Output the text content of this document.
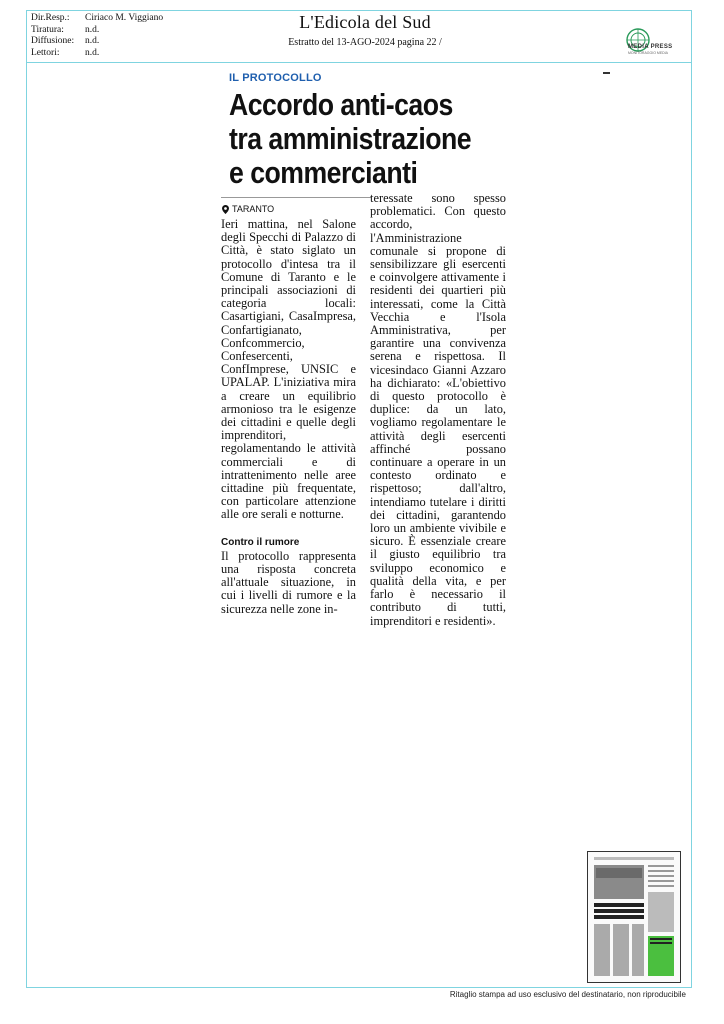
Dir.Resp.: Ciriaco M. Viggiano
Tiratura: n.d.
Diffusione: n.d.
Lettori:	n.d.
L'Edicola del Sud
Estratto del 13-AGO-2024 pagina 22 /	MEDIA PRESS
MONITORAGGIO MEDIA
IL PROTOCOLLO
Accordo anti-caos tra amministrazione e commercianti
TARANTO

Ieri mattina, nel Salone degli Specchi di Palazzo di Città, è stato siglato un protocollo d'intesa tra il Comune di Taranto e le principali associazioni di categoria locali: Casartigiani, CasaImpresa, Confartigianato, Confcommercio, Confesercenti, ConfImprese, UNSIC e UPALAP. L'iniziativa mira a creare un equilibrio armonioso tra le esigenze dei cittadini e quelle degli imprenditori, regolamentando le attività commerciali e di intrattenimento nelle aree cittadine più frequentate, con particolare attenzione alle ore serali e notturne.

Contro il rumore

Il protocollo rappresenta una risposta concreta all'attuale situazione, in cui i livelli di rumore e la sicurezza nelle zone in-

teressate sono spesso problematici. Con questo accordo, l'Amministrazione comunale si propone di sensibilizzare gli esercenti e coinvolgere attivamente i residenti dei quartieri più interessati, come la Città Vecchia e l'Isola Amministrativa, per garantire una convivenza serena e rispettosa. Il vicesindaco Gianni Azzaro ha dichiarato: «L'obiettivo di questo protocollo è duplice: da un lato, vogliamo regolamentare le attività degli esercenti affinché possano continuare a operare in un contesto ordinato e rispettoso; dall'altro, intendiamo tutelare i diritti dei cittadini, garantendo loro un ambiente vivibile e sicuro. È essenziale creare il giusto equilibrio tra sviluppo economico e qualità della vita, e per farlo è necessario il contributo di tutti, imprenditori e residenti».

Ritaglio stampa ad uso esclusivo del destinatario, non riproducibile
